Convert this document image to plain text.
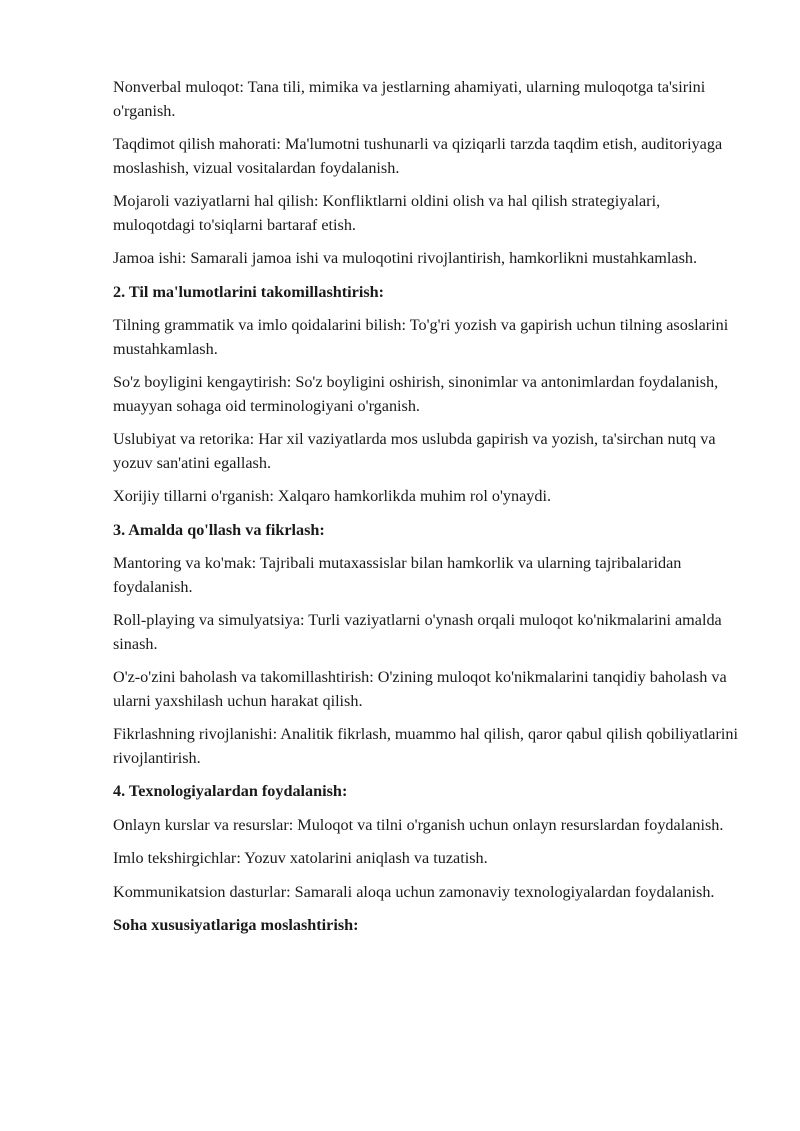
Nonverbal muloqot: Tana tili, mimika va jestlarning ahamiyati, ularning muloqotga ta'sirini o'rganish.

Taqdimot qilish mahorati: Ma'lumotni tushunarli va qiziqarli tarzda taqdim etish, auditoriyaga moslashish, vizual vositalardan foydalanish.

Mojaroli vaziyatlarni hal qilish: Konfliktlarni oldini olish va hal qilish strategiyalari, muloqotdagi to'siqlarni bartaraf etish.

Jamoa ishi: Samarali jamoa ishi va muloqotini rivojlantirish, hamkorlikni mustahkamlash.

2. Til ma'lumotlarini takomillashtirish:

Tilning grammatik va imlo qoidalarini bilish: To'g'ri yozish va gapirish uchun tilning asoslarini mustahkamlash.

So'z boyligini kengaytirish: So'z boyligini oshirish, sinonimlar va antonimlardan foydalanish, muayyan sohaga oid terminologiyani o'rganish.

Uslubiyat va retorika: Har xil vaziyatlarda mos uslubda gapirish va yozish, ta'sirchan nutq va yozuv san'atini egallash.

Xorijiy tillarni o'rganish: Xalqaro hamkorlikda muhim rol o'ynaydi.

3. Amalda qo'llash va fikrlash:

Mantoring va ko'mak: Tajribali mutaxassislar bilan hamkorlik va ularning tajribalaridan foydalanish.

Roll-playing va simulyatsiya: Turli vaziyatlarni o'ynash orqali muloqot ko'nikmalarini amalda sinash.

O'z-o'zini baholash va takomillashtirish: O'zining muloqot ko'nikmalarini tanqidiy baholash va ularni yaxshilash uchun harakat qilish.

Fikrlashning rivojlanishi: Analitik fikrlash, muammo hal qilish, qaror qabul qilish qobiliyatlarini rivojlantirish.

4. Texnologiyalardan foydalanish:

Onlayn kurslar va resurslar: Muloqot va tilni o'rganish uchun onlayn resurslardan foydalanish.

Imlo tekshirgichlar: Yozuv xatolarini aniqlash va tuzatish.

Kommunikatsion dasturlar: Samarali aloqa uchun zamonaviy texnologiyalardan foydalanish.

Soha xususiyatlariga moslashtirish:
